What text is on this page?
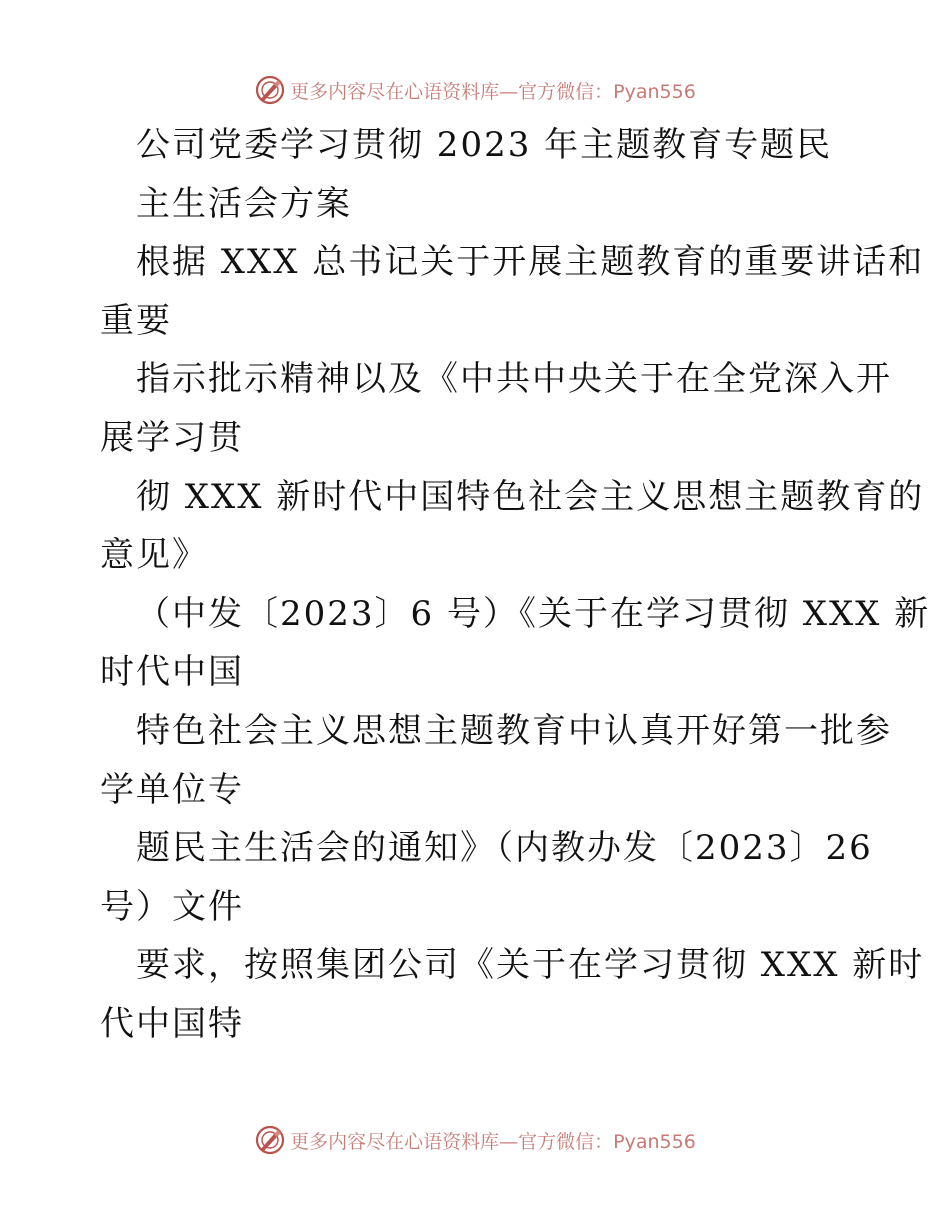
更多内容尽在心语资料库—官方微信：Pyan556
公司党委学习贯彻 2023 年主题教育专题民
主生活会方案
根据 XXX 总书记关于开展主题教育的重要讲话和
重要
指示批示精神以及《中共中央关于在全党深入开
展学习贯
彻 XXX 新时代中国特色社会主义思想主题教育的
意见》
（中发〔2023〕6 号）《关于在学习贯彻 XXX 新
时代中国
特色社会主义思想主题教育中认真开好第一批参
学单位专
题民主生活会的通知》（内教办发〔2023〕26
号）文件
要求，按照集团公司《关于在学习贯彻 XXX 新时
代中国特
更多内容尽在心语资料库—官方微信：Pyan556
